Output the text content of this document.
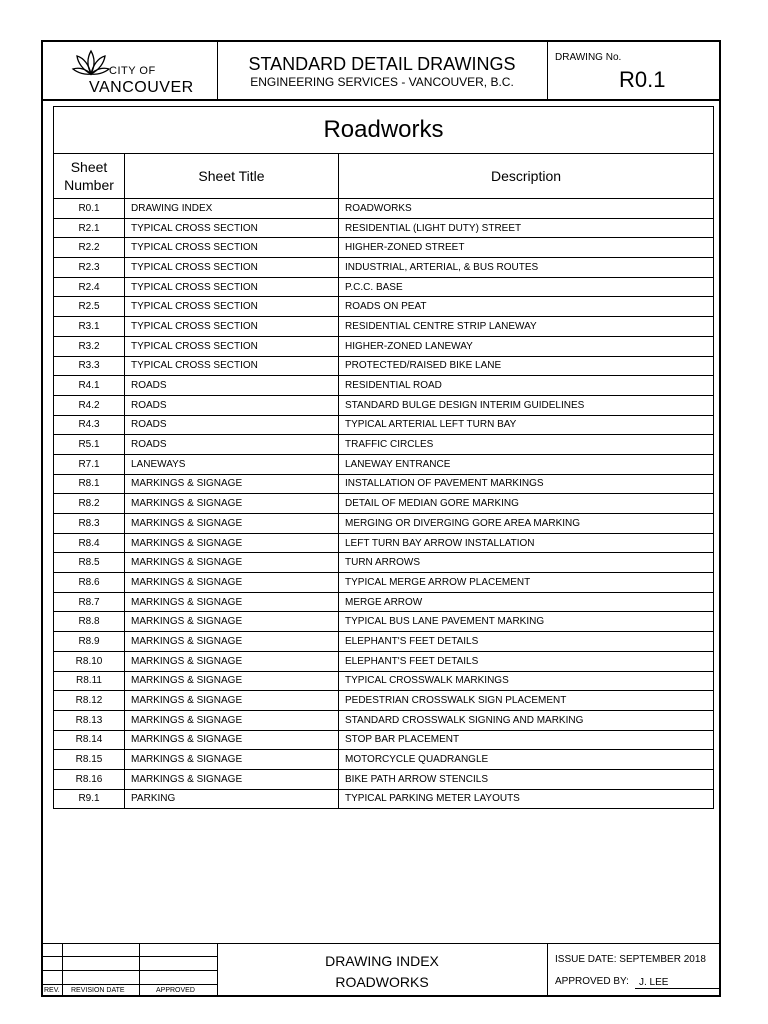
CITY OF
VANCOUVER
STANDARD DETAIL DRAWINGS
ENGINEERING SERVICES - VANCOUVER, B.C.
DRAWING No.
R0.1
Roadworks		
Sheet
Number	Sheet Title	Description
R0.1	DRAWING INDEX	ROADWORKS
R2.1	TYPICAL CROSS SECTION	RESIDENTIAL (LIGHT DUTY) STREET
R2.2	TYPICAL CROSS SECTION	HIGHER-ZONED STREET
R2.3	TYPICAL CROSS SECTION	INDUSTRIAL, ARTERIAL, & BUS ROUTES
R2.4	TYPICAL CROSS SECTION	P.C.C. BASE
R2.5	TYPICAL CROSS SECTION	ROADS ON PEAT
R3.1	TYPICAL CROSS SECTION	RESIDENTIAL CENTRE STRIP LANEWAY
R3.2	TYPICAL CROSS SECTION	HIGHER-ZONED LANEWAY
R3.3	TYPICAL CROSS SECTION	PROTECTED/RAISED BIKE LANE
R4.1	ROADS	RESIDENTIAL ROAD
R4.2	ROADS	STANDARD BULGE DESIGN INTERIM GUIDELINES
R4.3	ROADS	TYPICAL ARTERIAL LEFT TURN BAY
R5.1	ROADS	TRAFFIC CIRCLES
R7.1	LANEWAYS	LANEWAY ENTRANCE
R8.1	MARKINGS & SIGNAGE	INSTALLATION OF PAVEMENT MARKINGS
R8.2	MARKINGS & SIGNAGE	DETAIL OF MEDIAN GORE MARKING
R8.3	MARKINGS & SIGNAGE	MERGING OR DIVERGING GORE AREA MARKING
R8.4	MARKINGS & SIGNAGE	LEFT TURN BAY ARROW INSTALLATION
R8.5	MARKINGS & SIGNAGE	TURN ARROWS
R8.6	MARKINGS & SIGNAGE	TYPICAL MERGE ARROW PLACEMENT
R8.7	MARKINGS & SIGNAGE	MERGE ARROW
R8.8	MARKINGS & SIGNAGE	TYPICAL BUS LANE PAVEMENT MARKING
R8.9	MARKINGS & SIGNAGE	ELEPHANT'S FEET DETAILS
R8.10	MARKINGS & SIGNAGE	ELEPHANT'S FEET DETAILS
R8.11	MARKINGS & SIGNAGE	TYPICAL CROSSWALK MARKINGS
R8.12	MARKINGS & SIGNAGE	PEDESTRIAN CROSSWALK SIGN PLACEMENT
R8.13	MARKINGS & SIGNAGE	STANDARD CROSSWALK SIGNING AND MARKING
R8.14	MARKINGS & SIGNAGE	STOP BAR PLACEMENT
R8.15	MARKINGS & SIGNAGE	MOTORCYCLE QUADRANGLE
R8.16	MARKINGS & SIGNAGE	BIKE PATH ARROW STENCILS
R9.1	PARKING	TYPICAL PARKING METER LAYOUTS
REV. REVISION DATE	APPROVED
DRAWING INDEX
ROADWORKS
ISSUE DATE: SEPTEMBER 2018
APPROVED BY:	J. LEE
